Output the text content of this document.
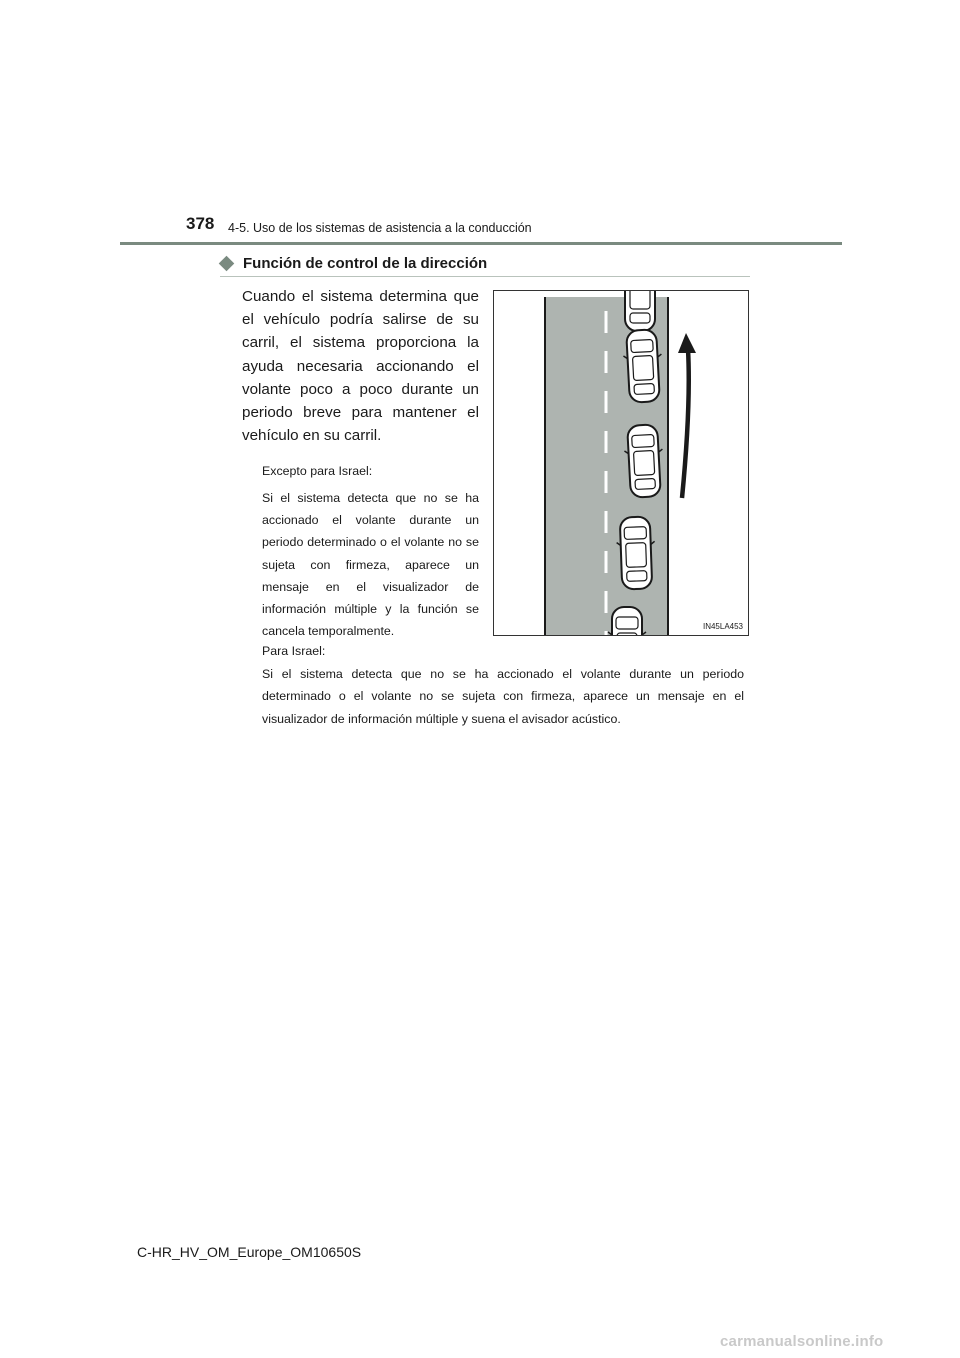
378 4-5. Uso de los sistemas de asistencia a la conducción
Función de control de la dirección

Cuando el sistema determina que el vehículo podría salirse de su carril, el sistema proporciona la ayuda necesaria accionando el volante poco a poco durante un periodo breve para mantener el vehículo en su carril.

Excepto para Israel:

Si el sistema detecta que no se ha accionado el volante durante un periodo determinado o el volante no se sujeta con firmeza, aparece un mensaje en el visualizador de información múltiple y la función se cancela temporalmente.

Para Israel:

Si el sistema detecta que no se ha accionado el volante durante un periodo determinado o el volante no se sujeta con firmeza, aparece un mensaje en el visualizador de información múltiple y suena el avisador acústico.

IN45LA453
C-HR_HV_OM_Europe_OM10650S
carmanualsonline.info
